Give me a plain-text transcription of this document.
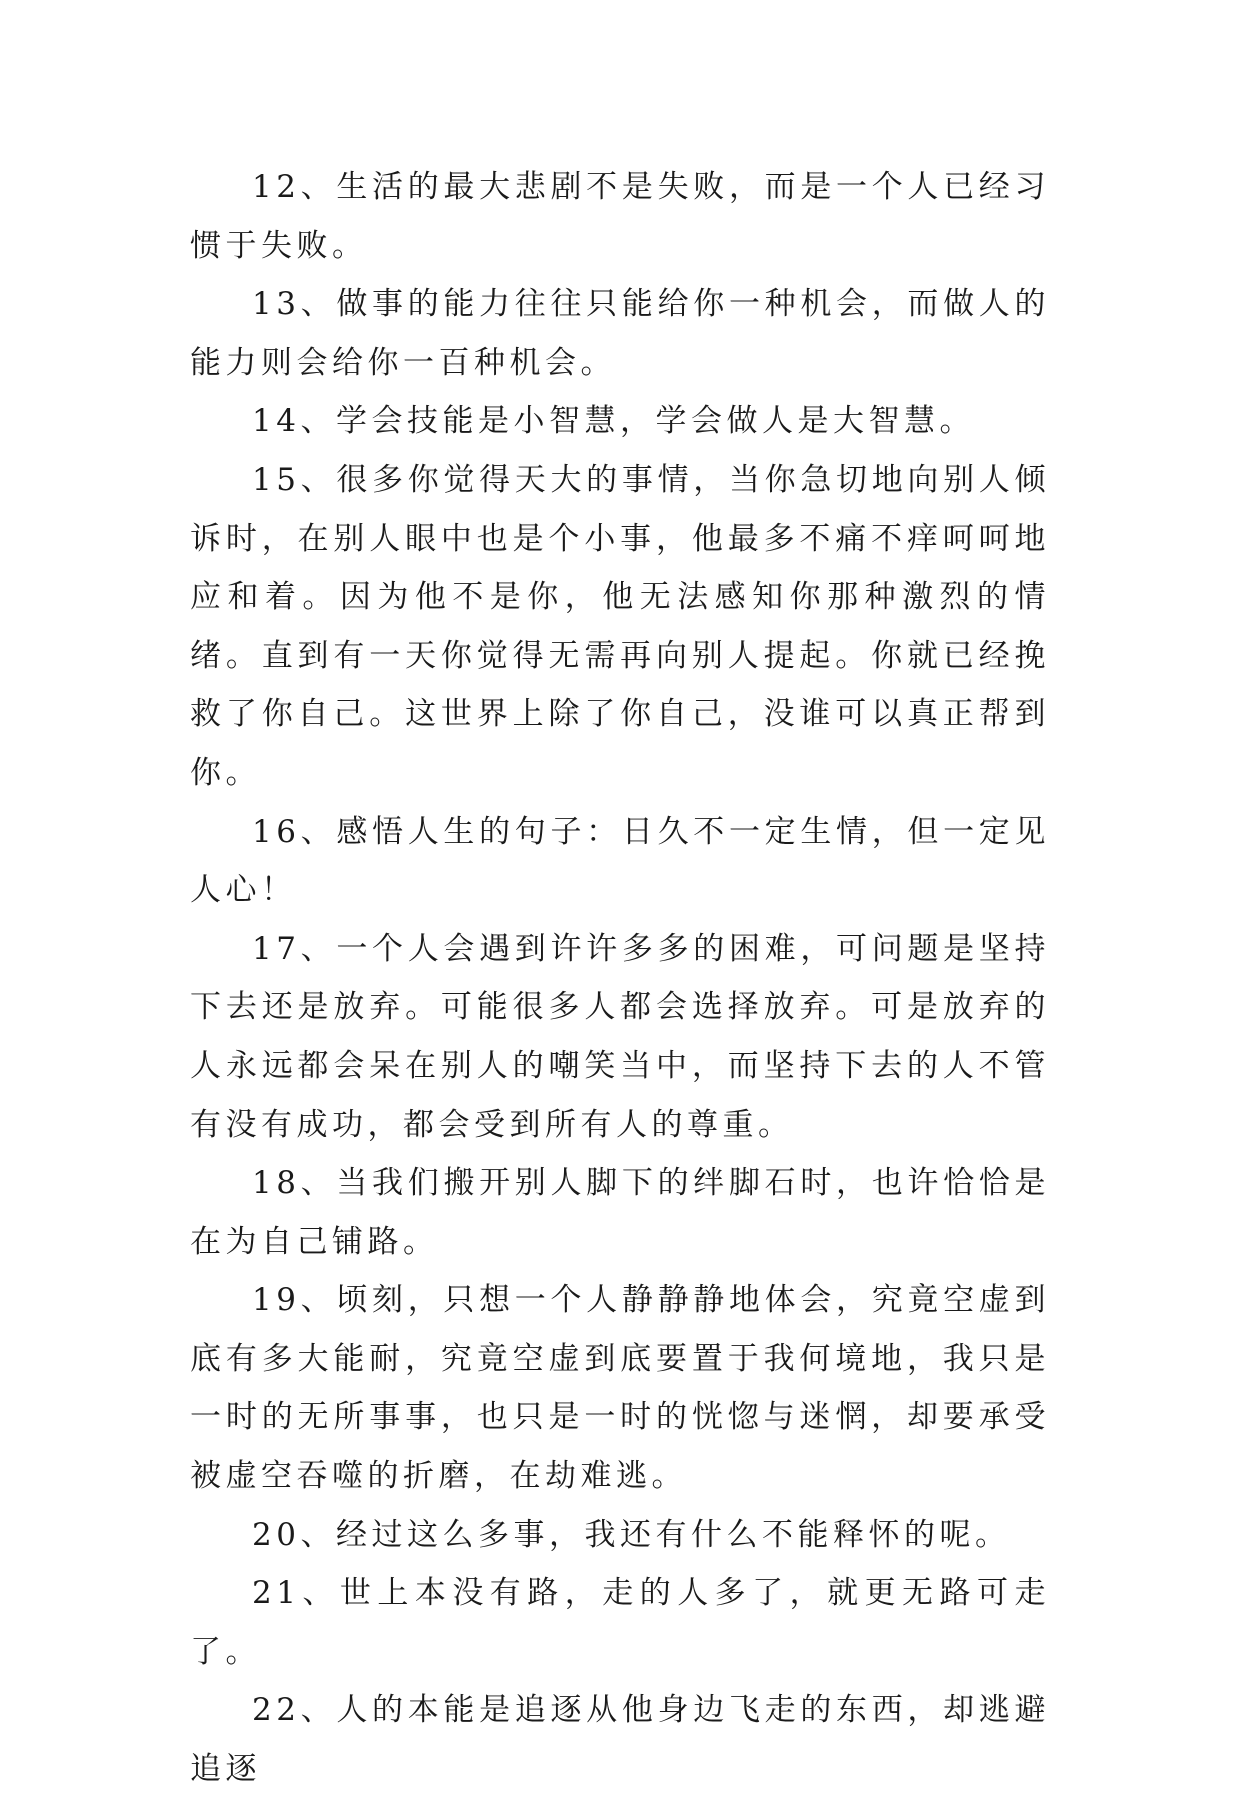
12、生活的最大悲剧不是失败，而是一个人已经习惯于失败。

13、做事的能力往往只能给你一种机会，而做人的能力则会给你一百种机会。

14、学会技能是小智慧，学会做人是大智慧。

15、很多你觉得天大的事情，当你急切地向别人倾诉时，在别人眼中也是个小事，他最多不痛不痒呵呵地应和着。因为他不是你，他无法感知你那种激烈的情绪。直到有一天你觉得无需再向别人提起。你就已经挽救了你自己。这世界上除了你自己，没谁可以真正帮到你。

16、感悟人生的句子：日久不一定生情，但一定见人心！

17、一个人会遇到许许多多的困难，可问题是坚持下去还是放弃。可能很多人都会选择放弃。可是放弃的人永远都会呆在别人的嘲笑当中，而坚持下去的人不管有没有成功，都会受到所有人的尊重。

18、当我们搬开别人脚下的绊脚石时，也许恰恰是在为自己铺路。

19、顷刻，只想一个人静静静地体会，究竟空虚到底有多大能耐，究竟空虚到底要置于我何境地，我只是一时的无所事事，也只是一时的恍惚与迷惘，却要承受被虚空吞噬的折磨，在劫难逃。

20、经过这么多事，我还有什么不能释怀的呢。

21、世上本没有路，走的人多了，就更无路可走了。

22、人的本能是追逐从他身边飞走的东西，却逃避追逐
